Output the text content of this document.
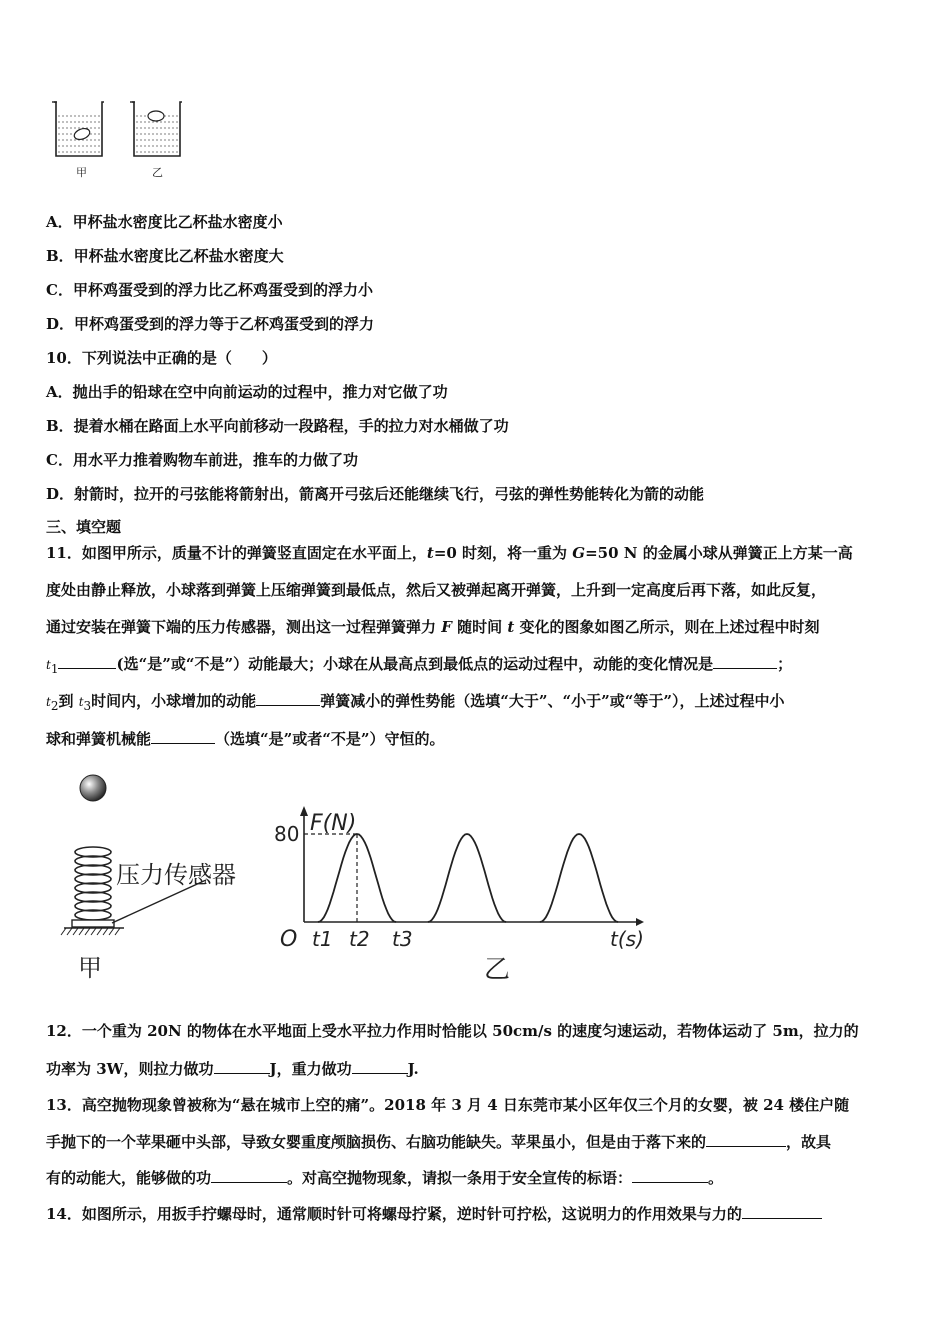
甲	乙
A．甲杯盐水密度比乙杯盐水密度小
B．甲杯盐水密度比乙杯盐水密度大
C．甲杯鸡蛋受到的浮力比乙杯鸡蛋受到的浮力小
D．甲杯鸡蛋受到的浮力等于乙杯鸡蛋受到的浮力
10．下列说法中正确的是（　　）
A．抛出手的铅球在空中向前运动的过程中，推力对它做了功
B．提着水桶在路面上水平向前移动一段路程，手的拉力对水桶做了功
C．用水平力推着购物车前进，推车的力做了功
D．射箭时，拉开的弓弦能将箭射出，箭离开弓弦后还能继续飞行，弓弦的弹性势能转化为箭的动能
三、填空题
11．如图甲所示，质量不计的弹簧竖直固定在水平面上，t=0 时刻，将一重为 G=50 N 的金属小球从弹簧正上方某一高
度处由静止释放，小球落到弹簧上压缩弹簧到最低点，然后又被弹起离开弹簧，上升到一定高度后再下落，如此反复，
通过安装在弹簧下端的压力传感器，测出这一过程弹簧弹力 F 随时间 t 变化的图象如图乙所示，则在上述过程中时刻
$t_1$	(选“是”或“不是”）动能最大；小球在从最高点到最低点的运动过程中，动能的变化情况是	；
$t_2$到 $t_3$时间内，小球增加的动能	弹簧减小的弹性势能（选填“大于”、“小于”或“等于”），上述过程中小
球和弹簧机械能	（选填“是”或者“不是”）守恒的。
压力传感器
甲
F(N)
80
O t1 t2 t3	t(s)
乙
12．一个重为 20N 的物体在水平地面上受水平拉力作用时恰能以 50cm/s 的速度匀速运动，若物体运动了 5m，拉力的
功率为 3W，则拉力做功	J，重力做功	J.
13．高空抛物现象曾被称为“悬在城市上空的痛”。2018 年 3 月 4 日东莞市某小区年仅三个月的女婴，被 24 楼住户随
手抛下的一个苹果砸中头部，导致女婴重度颅脑损伤、右脑功能缺失。苹果虽小，但是由于落下来的	，故具
有的动能大，能够做的功	。对高空抛物现象，请拟一条用于安全宣传的标语：	。
14．如图所示，用扳手拧螺母时，通常顺时针可将螺母拧紧，逆时针可拧松，这说明力的作用效果与力的
